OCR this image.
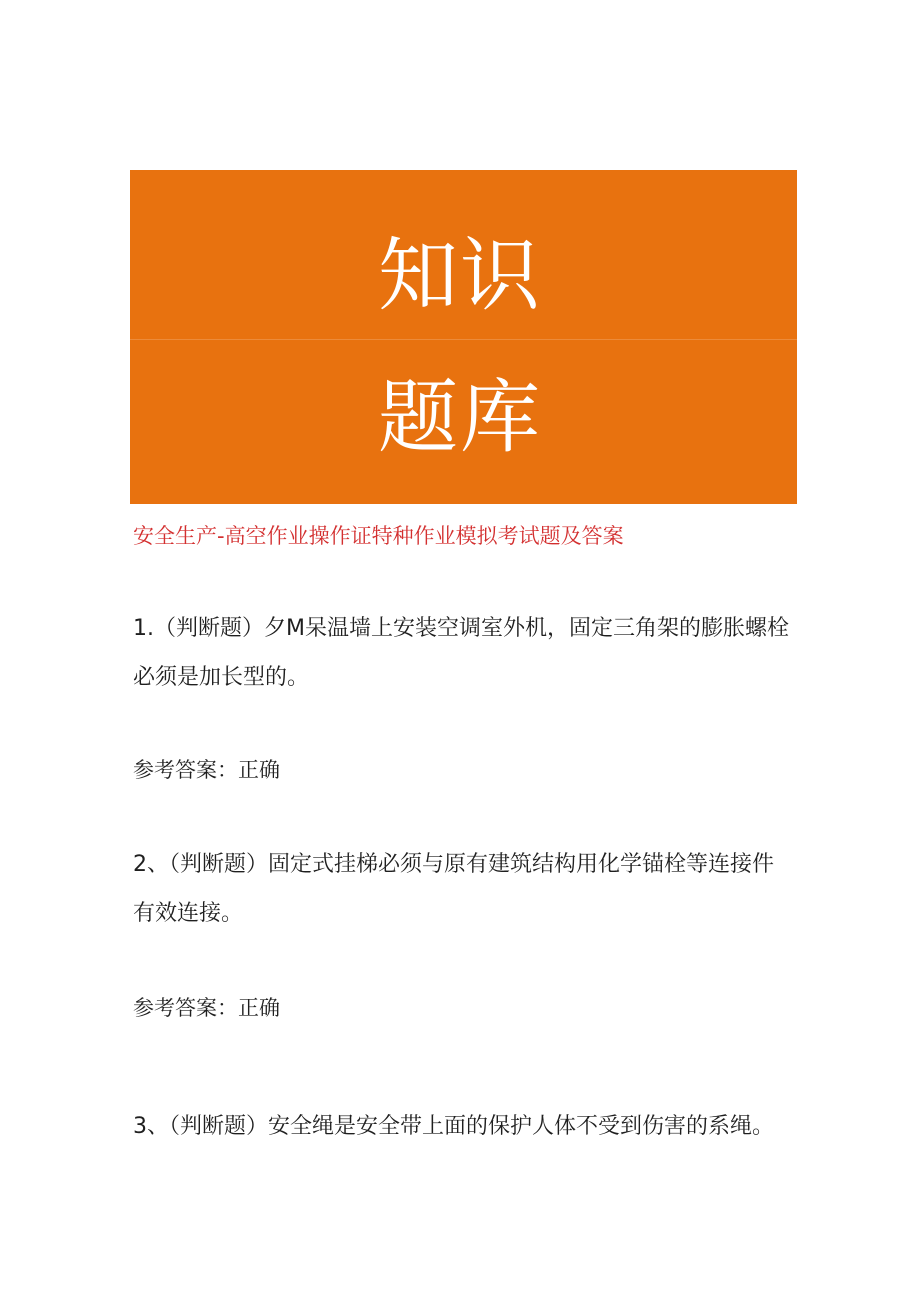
知识
题库
安全生产-高空作业操作证特种作业模拟考试题及答案
1.（判断题）夕M呆温墙上安装空调室外机，固定三角架的膨胀螺栓
必须是加长型的。
参考答案：正确
2、（判断题）固定式挂梯必须与原有建筑结构用化学锚栓等连接件
有效连接。
参考答案：正确
3、（判断题）安全绳是安全带上面的保护人体不受到伤害的系绳。
